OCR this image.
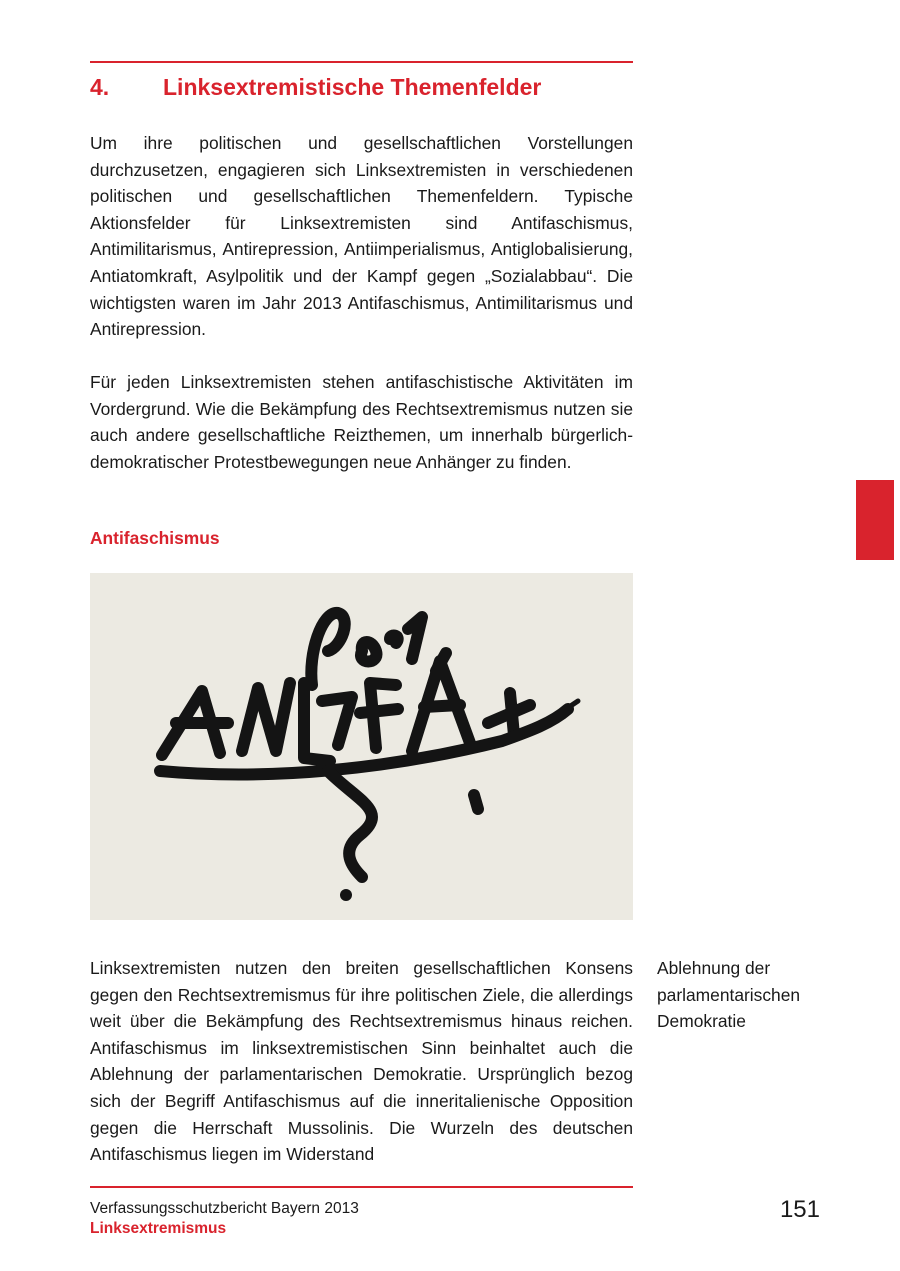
4. Linksextremistische Themenfelder

Um ihre politischen und gesellschaftlichen Vorstellungen durchzusetzen, engagieren sich Linksextremisten in verschiedenen politischen und gesellschaftlichen Themenfeldern. Typische Aktionsfelder für Linksextremisten sind Antifaschismus, Antimilitarismus, Antirepression, Antiimperialismus, Antiglobalisierung, Antiatomkraft, Asylpolitik und der Kampf gegen „Sozialabbau“. Die wichtigsten waren im Jahr 2013 Antifaschismus, Antimilitarismus und Antirepression.

Für jeden Linksextremisten stehen antifaschistische Aktivitäten im Vordergrund. Wie die Bekämpfung des Rechtsextremismus nutzen sie auch andere gesellschaftliche Reizthemen, um innerhalb bürgerlich-demokratischer Protestbewegungen neue Anhänger zu finden.

Antifaschismus

Linksextremisten nutzen den breiten gesellschaftlichen Konsens gegen den Rechtsextremismus für ihre politischen Ziele, die allerdings weit über die Bekämpfung des Rechtsextremismus hinaus reichen. Antifaschismus im linksextremistischen Sinn beinhaltet auch die Ablehnung der parlamentarischen Demokratie. Ursprünglich bezog sich der Begriff Antifaschismus auf die inneritalienische Opposition gegen die Herrschaft Mussolinis. Die Wurzeln des deutschen Antifaschismus liegen im Widerstand

Ablehnung der
parlamentarischen
Demokratie
Verfassungsschutzbericht Bayern 2013
Linksextremismus
151
